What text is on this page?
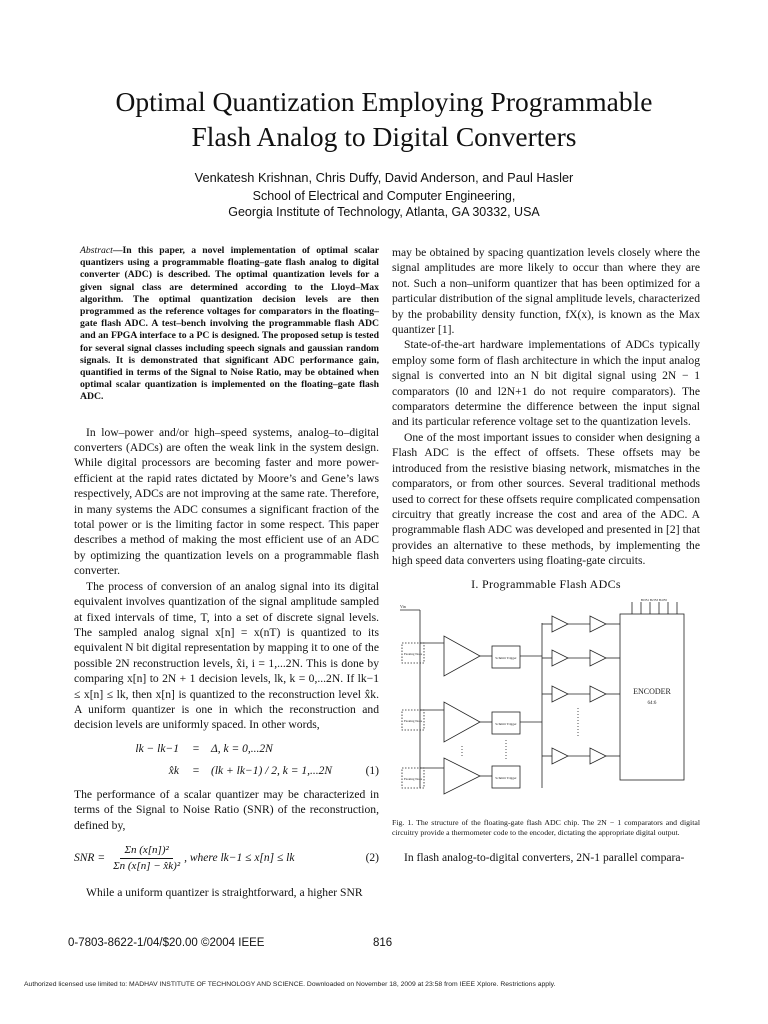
Optimal Quantization Employing Programmable
Flash Analog to Digital Converters
Venkatesh Krishnan, Chris Duffy, David Anderson, and Paul Hasler
School of Electrical and Computer Engineering,
Georgia Institute of Technology, Atlanta, GA 30332, USA
Abstract—In this paper, a novel implementation of optimal scalar quantizers using a programmable floating–gate flash analog to digital converter (ADC) is described. The optimal quantization levels for a given signal class are determined according to the Lloyd–Max algorithm. The optimal quantization decision levels are then programmed as the reference voltages for comparators in the floating–gate flash ADC. A test–bench involving the programmable flash ADC and an FPGA interface to a PC is designed. The proposed setup is tested for several signal classes including speech signals and gaussian random signals. It is demonstrated that significant ADC performance gain, quantified in terms of the Signal to Noise Ratio, may be obtained when optimal scalar quantization is implemented on the floating–gate flash ADC.

In low–power and/or high–speed systems, analog–to–digital converters (ADCs) are often the weak link in the system design. While digital processors are becoming faster and more power-efficient at the rapid rates dictated by Moore’s and Gene’s laws respectively, ADCs are not improving at the same rate. Therefore, in many systems the ADC consumes a significant fraction of the total power or is the limiting factor in some respect. This paper describes a method of making the most efficient use of an ADC by optimizing the quantization levels on a programmable flash converter.

The process of conversion of an analog signal into its digital equivalent involves quantization of the signal amplitude sampled at fixed intervals of time, T, into a set of discrete signal levels. The sampled analog signal x[n] = x(nT) is quantized to its equivalent N bit digital representation by mapping it to one of the possible 2N reconstruction levels, x̂i, i = 1,...2N. This is done by comparing x[n] to 2N + 1 decision levels, lk, k = 0,...2N. If lk−1 ≤ x[n] ≤ lk, then x[n] is quantized to the reconstruction level x̂k. A uniform quantizer is one in which the reconstruction and decision levels are uniformly spaced. In other words,

lk − lk−1	=	Δ, k = 0,...2N
x̂k	=	(lk + lk−1) / 2, k = 1,...2N	(1)

The performance of a scalar quantizer may be characterized in terms of the Signal to Noise Ratio (SNR) of the reconstruction, defined by,

SNR = $\frac{\text{Σn (x[n])²}}{\text{Σn (x[n] − x̂k)²}}$ , where lk−1 ≤ x[n] ≤ lk	(2)

While a uniform quantizer is straightforward, a higher SNR

may be obtained by spacing quantization levels closely where the signal amplitudes are more likely to occur than where they are not. Such a non–uniform quantizer that has been optimized for a particular distribution of the signal amplitude levels, characterized by the probability density function, fX(x), is known as the Max quantizer [1].

State-of-the-art hardware implementations of ADCs typically employ some form of flash architecture in which the input analog signal is converted into an N bit digital signal using 2N − 1 comparators (l0 and l2N+1 do not require comparators). The comparators determine the difference between the input signal and its particular reference voltage set to the quantization levels.

One of the most important issues to consider when designing a Flash ADC is the effect of offsets. These offsets may be introduced from the resistive biasing network, mismatches in the comparators, or from other sources. Several traditional methods used to correct for these offsets require complicated compensation circuitry that greatly increase the cost and area of the ADC. A programmable flash ADC was developed and presented in [2] that provides an alternative to these methods, by implementing the high speed data converters using floating-gate circuits.

I. Programmable Flash ADCs
ENCODER
64:6
Schmitt Trigger
Schmitt Trigger
Schmitt Trigger
Floating Node
Floating Node
Floating Node
Vin
B0 B1 B2 B3 B4 B5
Fig. 1. The structure of the floating-gate flash ADC chip. The 2N − 1 comparators and digital circuitry provide a thermometer code to the encoder, dictating the appropriate digital output.

In flash analog-to-digital converters, 2N-1 parallel compara-

0-7803-8622-1/04/$20.00 ©2004 IEEE	816
Authorized licensed use limited to: MADHAV INSTITUTE OF TECHNOLOGY AND SCIENCE. Downloaded on November 18, 2009 at 23:58 from IEEE Xplore. Restrictions apply.
